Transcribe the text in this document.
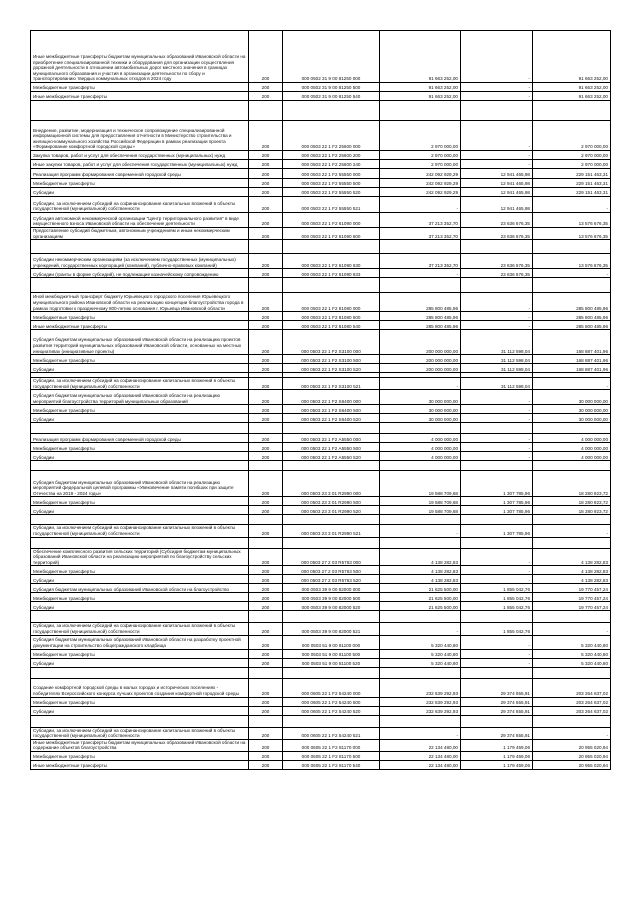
Иные межбюджетные трансферты бюджетам муниципальных образований Ивановской области на приобретение специализированной техники и оборудования для организации осуществления дорожной деятельности в отношении автомобильных дорог местного значения в границах муниципального образования и участия в организации деятельности по сбору и транспортированию твердых коммунальных отходов в 2024 году	200	000 0502 31 9 00 81250 000	91 663 252,00	-	91 663 252,00
Межбюджетные трансферты	200	000 0502 31 9 00 81250 500	91 663 252,00	-	91 663 252,00
Иные межбюджетные трансферты	200	000 0502 31 9 00 81250 540	91 663 252,00	-	91 663 252,00

Внедрение, развитие, модернизация и техническое сопровождение специализированной информационной системы для предоставления отчетности в Министерство строительства и жилищно-коммунального хозяйства Российской Федерации в рамках реализации проекта «Формирование комфортной городской среды»	200	000 0503 22 1 F2 25600 000	2 970 000,00	-	2 970 000,00
Закупка товаров, работ и услуг для обеспечения государственных (муниципальных) нужд	200	000 0503 22 1 F2 25600 200	2 970 000,00	-	2 970 000,00
Иные закупки товаров, работ и услуг для обеспечения государственных (муниципальных) нужд	200	000 0503 22 1 F2 25600 240	2 970 000,00	-	2 970 000,00
Реализация программ формирования современной городской среды	200	000 0503 22 1 F2 55550 000	242 092 929,29	12 941 465,98	229 151 463,31
Межбюджетные трансферты	200	000 0503 22 1 F2 55550 500	242 092 929,29	12 941 465,98	229 151 463,31
Субсидии	200	000 0503 22 1 F2 55550 520	242 092 929,29	12 941 465,98	229 151 463,31
Субсидии, за исключением субсидий на софинансирование капитальных вложений в объекты государственной (муниципальной) собственности	200	000 0503 22 1 F2 55550 521	-	12 941 465,98	-
Субсидия автономной некоммерческой организации "Центр территориального развития" в виде имущественного взноса Ивановской области на обеспечение деятельности	200	000 0503 22 1 F2 61090 000	37 213 352,70	23 636 676,35	13 576 676,35
Предоставление субсидий бюджетным, автономным учреждениям и иным некоммерческим организациям	200	000 0503 22 1 F2 61090 600	37 213 352,70	23 636 676,35	13 576 676,35

Субсидии некоммерческим организациям (за исключением государственных (муниципальных) учреждений, государственных корпораций (компаний), публично-правовых компаний)	200	000 0503 22 1 F2 61090 630	37 213 352,70	23 636 676,35	13 576 676,35
Субсидии (гранты в форме субсидий), не подлежащие казначейскому сопровождению	200	000 0503 22 1 F2 61090 633	-	23 636 676,35	-

Иной межбюджетный трансферт бюджету Юрьевецкого городского поселения Юрьевецкого муниципального района Ивановской области на реализацию концепции благоустройства города в рамках подготовки к праздничному 800-летию основания г. Юрьевца Ивановской области	200	000 0503 22 1 F2 81080 000	285 800 485,96	-	285 800 485,96
Межбюджетные трансферты	200	000 0503 22 1 F2 81080 500	285 800 485,96	-	285 800 485,96
Иные межбюджетные трансферты	200	000 0503 22 1 F2 81080 540	285 800 485,96	-	285 800 485,96
Субсидия бюджетам муниципальных образований Ивановской области на реализацию проектов развития территорий муниципальных образований Ивановской области, основанных на местных инициативах (инициативные проекты)	200	000 0503 22 1 F2 S3100 000	200 000 000,00	31 112 598,04	168 887 401,96
Межбюджетные трансферты	200	000 0503 22 1 F2 S3100 500	200 000 000,00	31 112 598,04	168 887 401,96
Субсидии	200	000 0503 22 1 F2 S3100 520	200 000 000,00	31 112 598,04	168 887 401,96

Субсидии, за исключением субсидий на софинансирование капитальных вложений в объекты государственной (муниципальной) собственности	200	000 0503 22 1 F2 S3100 521	-	31 112 598,04	-
Субсидия бюджетам муниципальных образований Ивановской области на реализацию мероприятий благоустройства территорий муниципальных образований	200	000 0503 22 1 F2 S6400 000	30 000 000,00	-	30 000 000,00
Межбюджетные трансферты	200	000 0503 22 1 F2 S6400 500	30 000 000,00	-	30 000 000,00
Субсидии	200	000 0503 22 1 F2 S6400 520	30 000 000,00	-	30 000 000,00

Реализация программ формирования современной городской среды	200	000 0503 22 1 F2 А5550 000	4 000 000,00	-	4 000 000,00
Межбюджетные трансферты	200	000 0503 22 1 F2 А5550 500	4 000 000,00	-	4 000 000,00
Субсидии	200	000 0503 22 1 F2 А5550 520	4 000 000,00	-	4 000 000,00

Субсидия бюджетам муниципальных образований Ивановской области на реализацию мероприятий федеральной целевой программы «Увековечение памяти погибших при защите Отечества на 2019 - 2024 годы»	200	000 0503 23 3 01 R2990 000	19 588 709,68	1 307 785,96	18 280 923,72
Межбюджетные трансферты	200	000 0503 23 3 01 R2990 500	19 588 709,68	1 307 785,96	18 280 923,72
Субсидии	200	000 0503 23 3 01 R2990 520	19 588 709,68	1 307 785,96	18 280 923,72

Субсидии, за исключением субсидий на софинансирование капитальных вложений в объекты государственной (муниципальной) собственности	200	000 0503 23 3 01 R2990 521	-	1 307 785,96	-

Обеспечение комплексного развития сельских территорий (Субсидия бюджетам муниципальных образований Ивановской области на реализацию мероприятий по благоустройству сельских территорий)	200	000 0503 27 2 03 R5763 000	4 138 282,83	-	4 138 282,83
Межбюджетные трансферты	200	000 0503 27 2 03 R5763 500	4 138 282,83	-	4 138 282,83
Субсидии	200	000 0503 27 2 03 R5763 520	4 138 282,83	-	4 138 282,83
Субсидия бюджетам муниципальных образований Ивановской области на благоустройство	200	000 0503 39 9 00 82000 000	21 625 500,00	1 855 042,76	19 770 457,24
Межбюджетные трансферты	200	000 0503 39 9 00 82000 500	21 625 500,00	1 855 042,76	19 770 457,24
Субсидии	200	000 0503 39 9 00 82000 520	21 625 500,00	1 855 042,76	19 770 457,24

Субсидии, за исключением субсидий на софинансирование капитальных вложений в объекты государственной (муниципальной) собственности	200	000 0503 39 9 00 82000 521	-	1 855 042,76	-
Субсидия бюджетам муниципальных образований Ивановской области на разработку проектной документации на строительство общегражданского кладбища	200	000 0503 51 9 00 81100 000	5 320 440,80	-	5 320 440,80
Межбюджетные трансферты	200	000 0503 51 9 00 81100 500	5 320 440,80	-	5 320 440,80
Субсидии	200	000 0503 51 9 00 81100 520	5 320 440,80	-	5 320 440,80

Создание комфортной городской среды в малых городах и исторических поселениях - победителях Всероссийского конкурса лучших проектов создания комфортной городской среды	200	000 0605 22 1 F2 54240 000	232 639 292,93	29 374 655,91	203 264 637,02
Межбюджетные трансферты	200	000 0605 22 1 F2 54240 500	232 639 292,93	29 374 655,91	203 264 637,02
Субсидии	200	000 0605 22 1 F2 54240 520	232 639 292,93	29 374 655,91	203 264 637,02

Субсидии, за исключением субсидий на софинансирование капитальных вложений в объекты государственной (муниципальной) собственности	200	000 0605 22 1 F2 54240 521	-	29 374 655,91	-
Иные межбюджетные трансферты бюджетам муниципальных образований Ивановской области на содержание объектов благоустройства	200	000 0605 22 1 F2 81170 000	22 134 480,00	1 179 459,06	20 955 020,94
Межбюджетные трансферты	200	000 0605 22 1 F2 81170 500	22 134 480,00	1 179 459,06	20 955 020,94
Иные межбюджетные трансферты	200	000 0605 22 1 F2 81170 540	22 134 480,00	1 179 459,06	20 955 020,94
